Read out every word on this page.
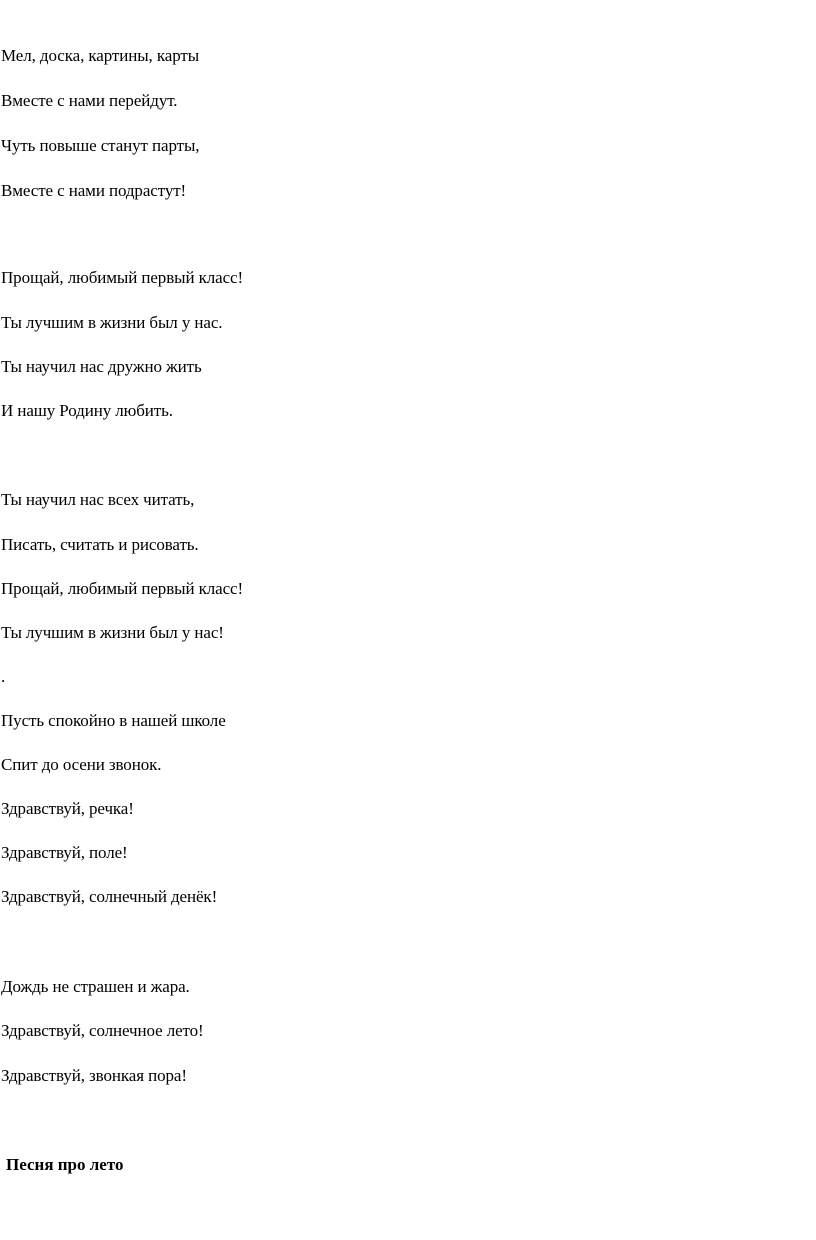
Мел, доска, картины, карты
Вместе с нами перейдут.
Чуть повыше станут парты,
Вместе с нами подрастут!
Прощай, любимый первый класс!
Ты лучшим в жизни был у нас.
Ты научил нас дружно жить
И нашу Родину любить.
Ты научил нас всех читать,
Писать, считать и рисовать.
Прощай, любимый первый класс!
Ты лучшим в жизни был у нас!
.
Пусть спокойно в нашей школе
Спит до осени звонок.
Здравствуй, речка!
Здравствуй, поле!
Здравствуй, солнечный денёк!
Дождь не страшен и жара.
Здравствуй, солнечное лето!
Здравствуй, звонкая пора!
Песня про лето
